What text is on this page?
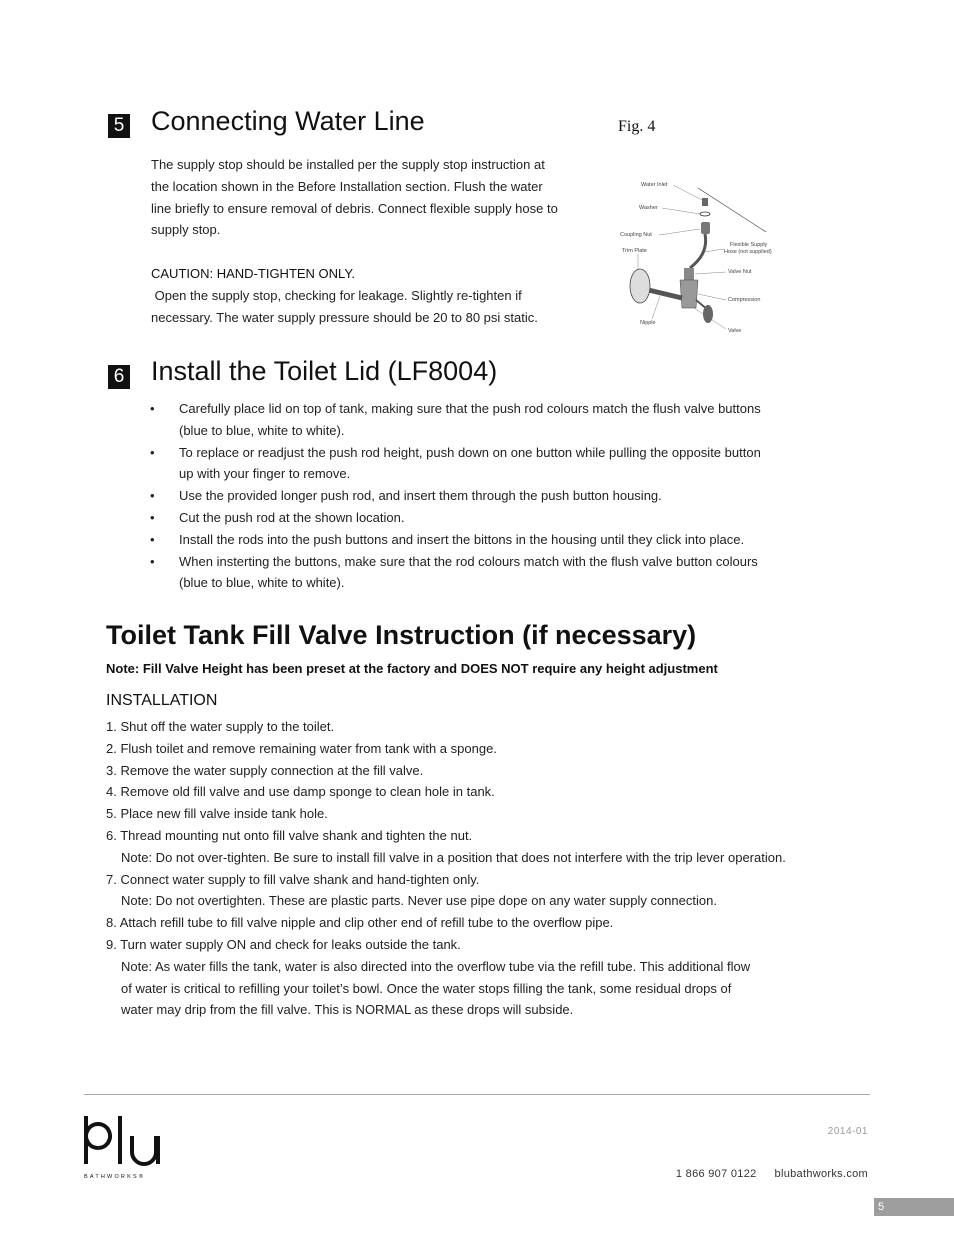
5 Connecting Water Line

The supply stop should be installed per the supply stop instruction at

the location shown in the Before Installation section. Flush the water

line briefly to ensure removal of debris. Connect flexible supply hose to

supply stop.

CAUTION: HAND-TIGHTEN ONLY.

Open the supply stop, checking for leakage. Slightly re-tighten if

necessary. The water supply pressure should be 20 to 80 psi static.

Fig. 4
Water Inlet
Washer
Coupling Nut
Trim Plate
Flexible Supply
Hose (not supplied)
Valve Nut
Compression
Nipple
Valve
6 Install the Toilet Lid (LF8004)
• Carefully place lid on top of tank, making sure that the push rod colours match the flush valve buttons
(blue to blue, white to white).
• To replace or readjust the push rod height, push down on one button while pulling the opposite button
up with your finger to remove.
• Use the provided longer push rod, and insert them through the push button housing.
• Cut the push rod at the shown location.
• Install the rods into the push buttons and insert the bittons in the housing until they click into place.
• When insterting the buttons, make sure that the rod colours match with the flush valve button colours
(blue to blue, white to white).
Toilet Tank Fill Valve Instruction (if necessary)
Note: Fill Valve Height has been preset at the factory and DOES NOT require any height adjustment
INSTALLATION
1. Shut off the water supply to the toilet.
2. Flush toilet and remove remaining water from tank with a sponge.
3. Remove the water supply connection at the fill valve.
4. Remove old fill valve and use damp sponge to clean hole in tank.
5. Place new fill valve inside tank hole.
6. Thread mounting nut onto fill valve shank and tighten the nut.
Note: Do not over-tighten. Be sure to install fill valve in a position that does not interfere with the trip lever operation.
7. Connect water supply to fill valve shank and hand-tighten only.
Note: Do not overtighten. These are plastic parts. Never use pipe dope on any water supply connection.
8. Attach refill tube to fill valve nipple and clip other end of refill tube to the overflow pipe.
9. Turn water supply ON and check for leaks outside the tank.
Note: As water fills the tank, water is also directed into the overflow tube via the refill tube. This additional flow
of water is critical to refilling your toilet’s bowl. Once the water stops filling the tank, some residual drops of
water may drip from the fill valve. This is NORMAL as these drops will subside.
BATHWORKS®
2014-01
1 866 907 0122 blubathworks.com
5
